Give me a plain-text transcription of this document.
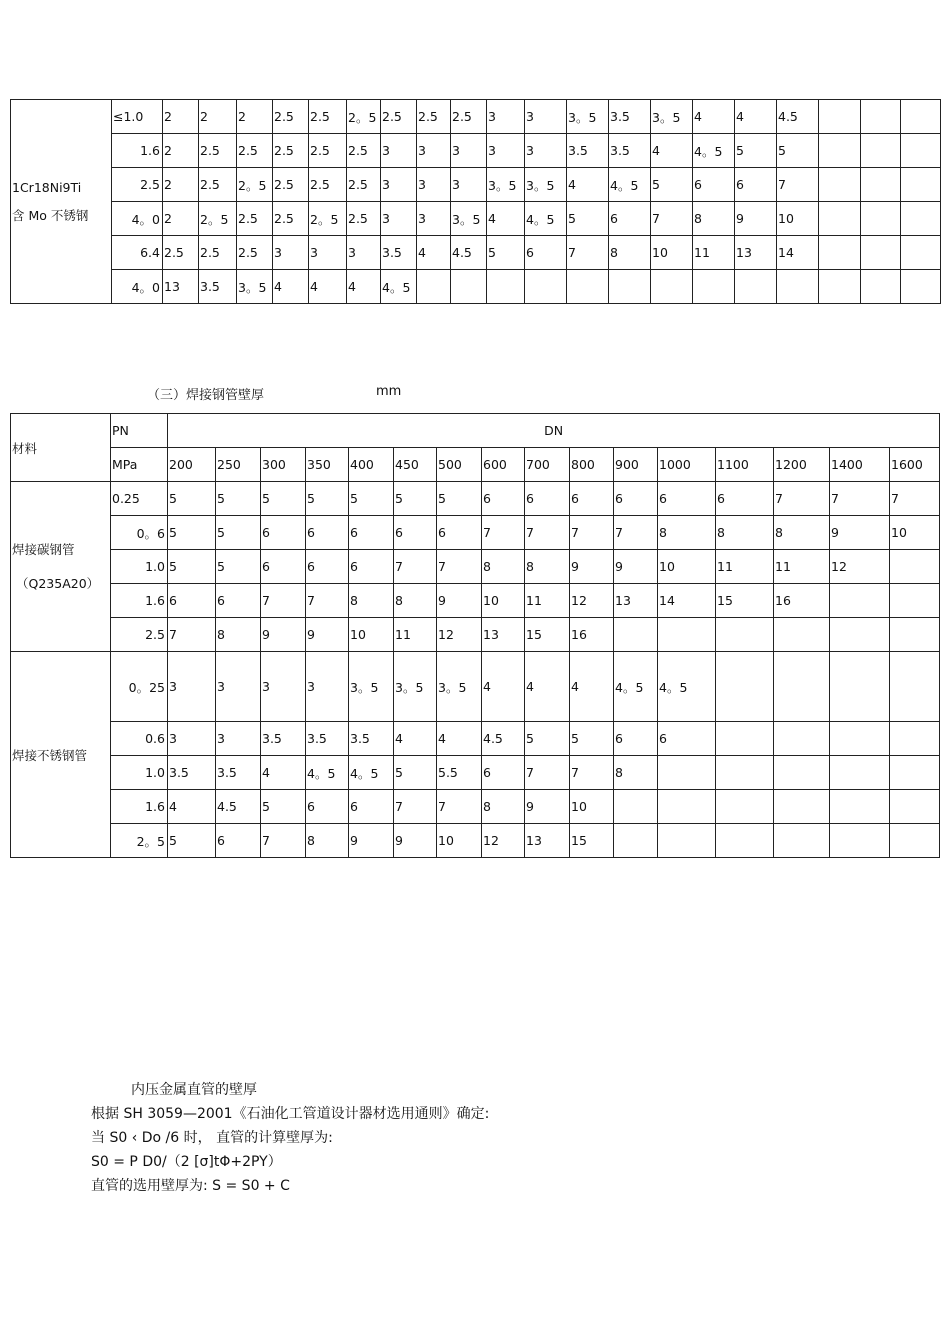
1Cr18Ni9Ti
含 Mo 不锈钢	≤1.0	2	2	2	2.5	2.5	2。5	2.5	2.5	2.5	3	3	3。5	3.5	3。5	4	4	4.5			
	1.6	2	2.5	2.5	2.5	2.5	2.5	3	3	3	3	3	3.5	3.5	4	4。5	5	5			
	2.5	2	2.5	2。5	2.5	2.5	2.5	3	3	3	3。5	3。5	4	4。5	5	6	6	7			
	4。0	2	2。5	2.5	2.5	2。5	2.5	3	3	3。5	4	4。5	5	6	7	8	9	10			
	6.4	2.5	2.5	2.5	3	3	3	3.5	4	4.5	5	6	7	8	10	11	13	14			
	4。0	13	3.5	3。5	4	4	4	4。5													
（三）焊接钢管壁厚	mm
材料	PN	DN															
	MPa	200	250	300	350	400	450	500	600	700	800	900	1000	1100	1200	1400	1600

焊接碳钢管
（Q235A20）	0.25	5	5	5	5	5	5	5	6	6	6	6	6	6	7	7	7
	0。6	5	5	6	6	6	6	6	7	7	7	7	8	8	8	9	10
	1.0	5	5	6	6	6	7	7	8	8	9	9	10	11	11	12	
	1.6	6	6	7	7	8	8	9	10	11	12	13	14	15	16		
	2.5	7	8	9	9	10	11	12	13	15	16						

焊接不锈钢管	0。25	3	3	3	3	3。5	3。5	3。5	4	4	4	4。5	4。5				
	0.6	3	3	3.5	3.5	3.5	4	4	4.5	5	5	6	6				
	1.0	3.5	3.5	4	4。5	4。5	5	5.5	6	7	7	8					
	1.6	4	4.5	5	6	6	7	7	8	9	10						
	2。5	5	6	7	8	9	9	10	12	13	15						
内压金属直管的壁厚
根据 SH 3059—2001《石油化工管道设计器材选用通则》确定:
当 S0 ‹ Do /6 时， 直管的计算壁厚为:
S0 = P D0/（2 [σ]tΦ+2PY）
直管的选用壁厚为: S = S0 + C
